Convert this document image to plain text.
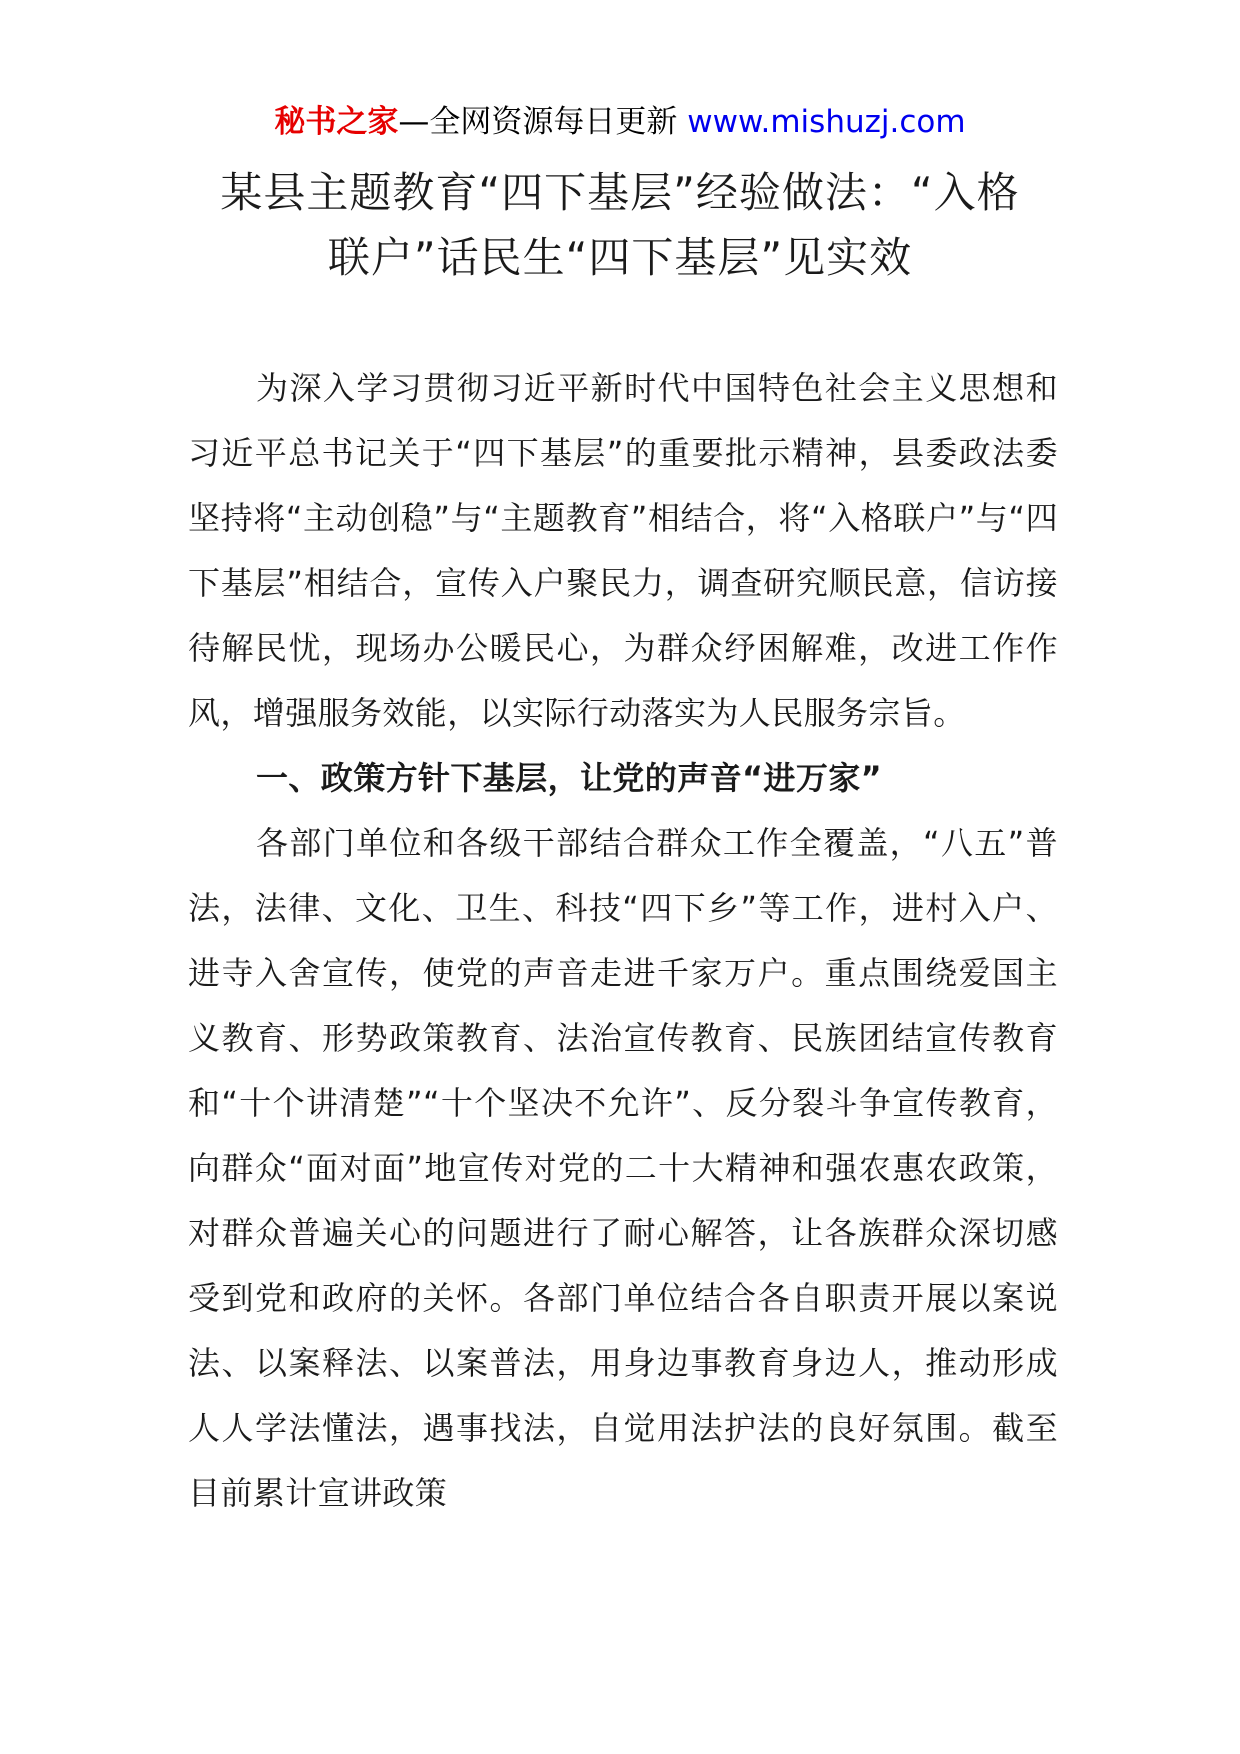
秘书之家—全网资源每日更新 www.mishuzj.com
某县主题教育“四下基层”经验做法：“入格
联户”话民生“四下基层”见实效

为深入学习贯彻习近平新时代中国特色社会主义思想和习近平总书记关于“四下基层”的重要批示精神，县委政法委坚持将“主动创稳”与“主题教育”相结合，将“入格联户”与“四下基层”相结合，宣传入户聚民力，调查研究顺民意，信访接待解民忧，现场办公暖民心，为群众纾困解难，改进工作作风，增强服务效能，以实际行动落实为人民服务宗旨。

一、政策方针下基层，让党的声音“进万家”

各部门单位和各级干部结合群众工作全覆盖，“八五”普法，法律、文化、卫生、科技“四下乡”等工作，进村入户、进寺入舍宣传，使党的声音走进千家万户。重点围绕爱国主义教育、形势政策教育、法治宣传教育、民族团结宣传教育和“十个讲清楚”“十个坚决不允许”、反分裂斗争宣传教育，向群众“面对面”地宣传对党的二十大精神和强农惠农政策，对群众普遍关心的问题进行了耐心解答，让各族群众深切感受到党和政府的关怀。各部门单位结合各自职责开展以案说法、以案释法、以案普法，用身边事教育身边人，推动形成人人学法懂法，遇事找法，自觉用法护法的良好氛围。截至目前累计宣讲政策
